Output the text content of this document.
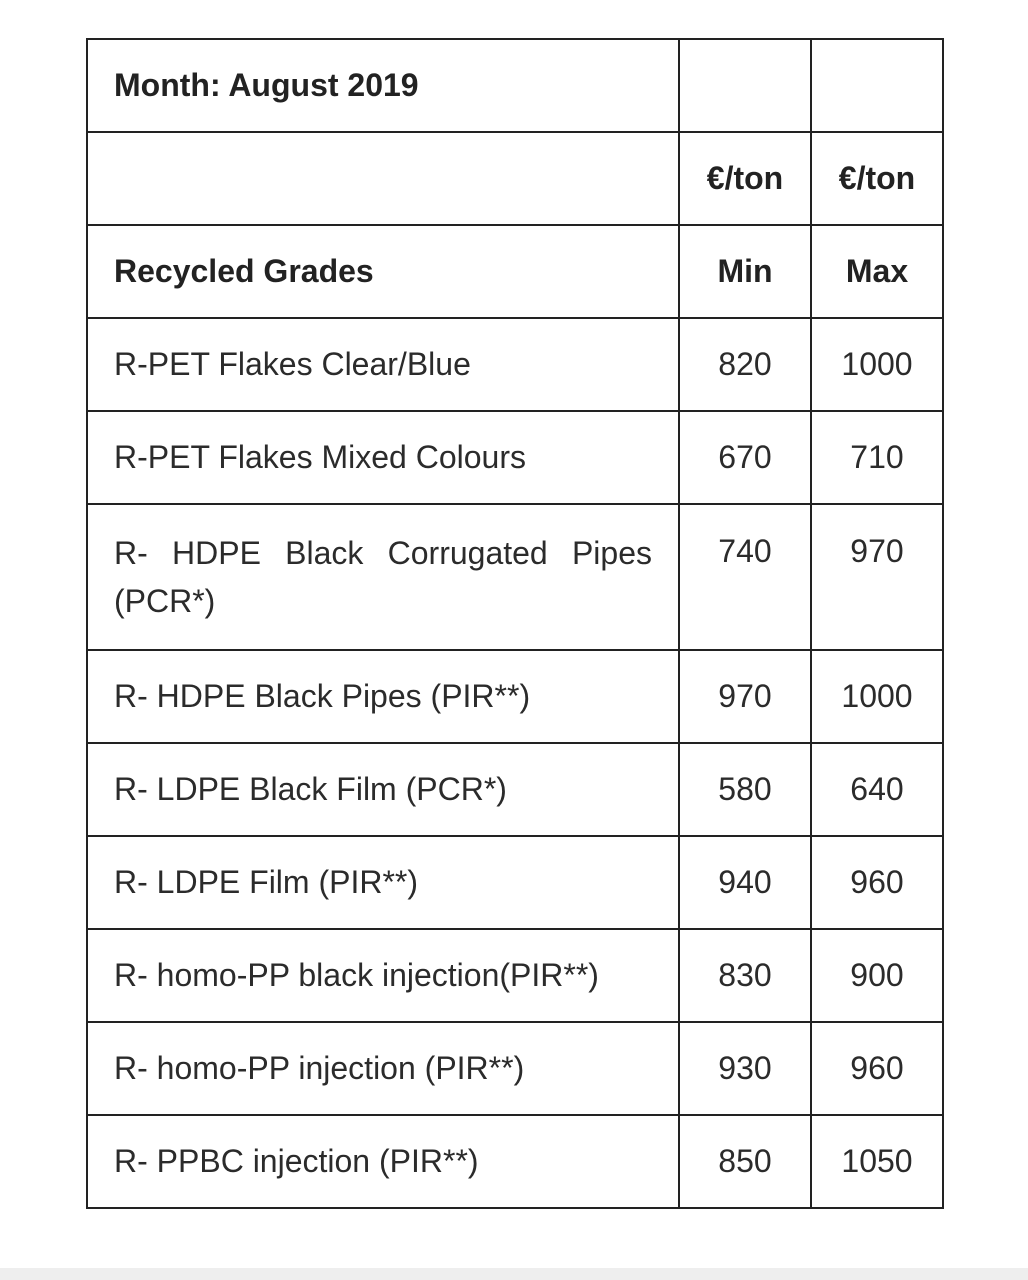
Month: August 2019		
	€/ton	€/ton
Recycled Grades	Min	Max
R-PET Flakes Clear/Blue	820	1000
R-PET Flakes Mixed Colours	670	710
R- HDPE Black Corrugated Pipes (PCR*)	740	970
R- HDPE Black Pipes (PIR**)	970	1000
R- LDPE Black Film (PCR*)	580	640
R- LDPE Film (PIR**)	940	960
R- homo-PP black injection(PIR**)	830	900
R- homo-PP injection (PIR**)	930	960
R- PPBC injection (PIR**)	850	1050
